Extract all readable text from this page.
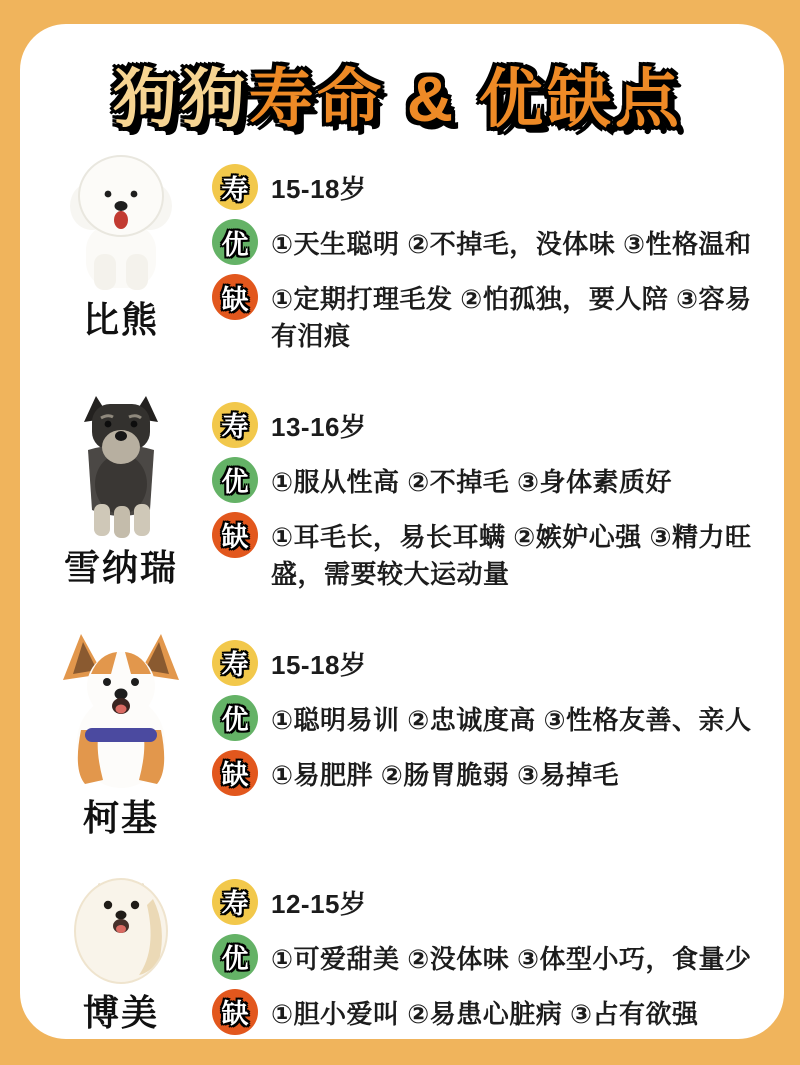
狗狗寿命 & 优缺点
比熊
寿 15-18岁
优 ①天生聪明 ②不掉毛，没体味 ③性格温和
缺 ①定期打理毛发 ②怕孤独，要人陪 ③容易有泪痕
雪纳瑞
寿 13-16岁
优 ①服从性高 ②不掉毛 ③身体素质好
缺 ①耳毛长，易长耳螨 ②嫉妒心强 ③精力旺盛，需要较大运动量
柯基
寿 15-18岁
优 ①聪明易训 ②忠诚度高 ③性格友善、亲人
缺 ①易肥胖 ②肠胃脆弱 ③易掉毛
博美
寿 12-15岁
优 ①可爱甜美 ②没体味 ③体型小巧，食量少
缺 ①胆小爱叫 ②易患心脏病 ③占有欲强
